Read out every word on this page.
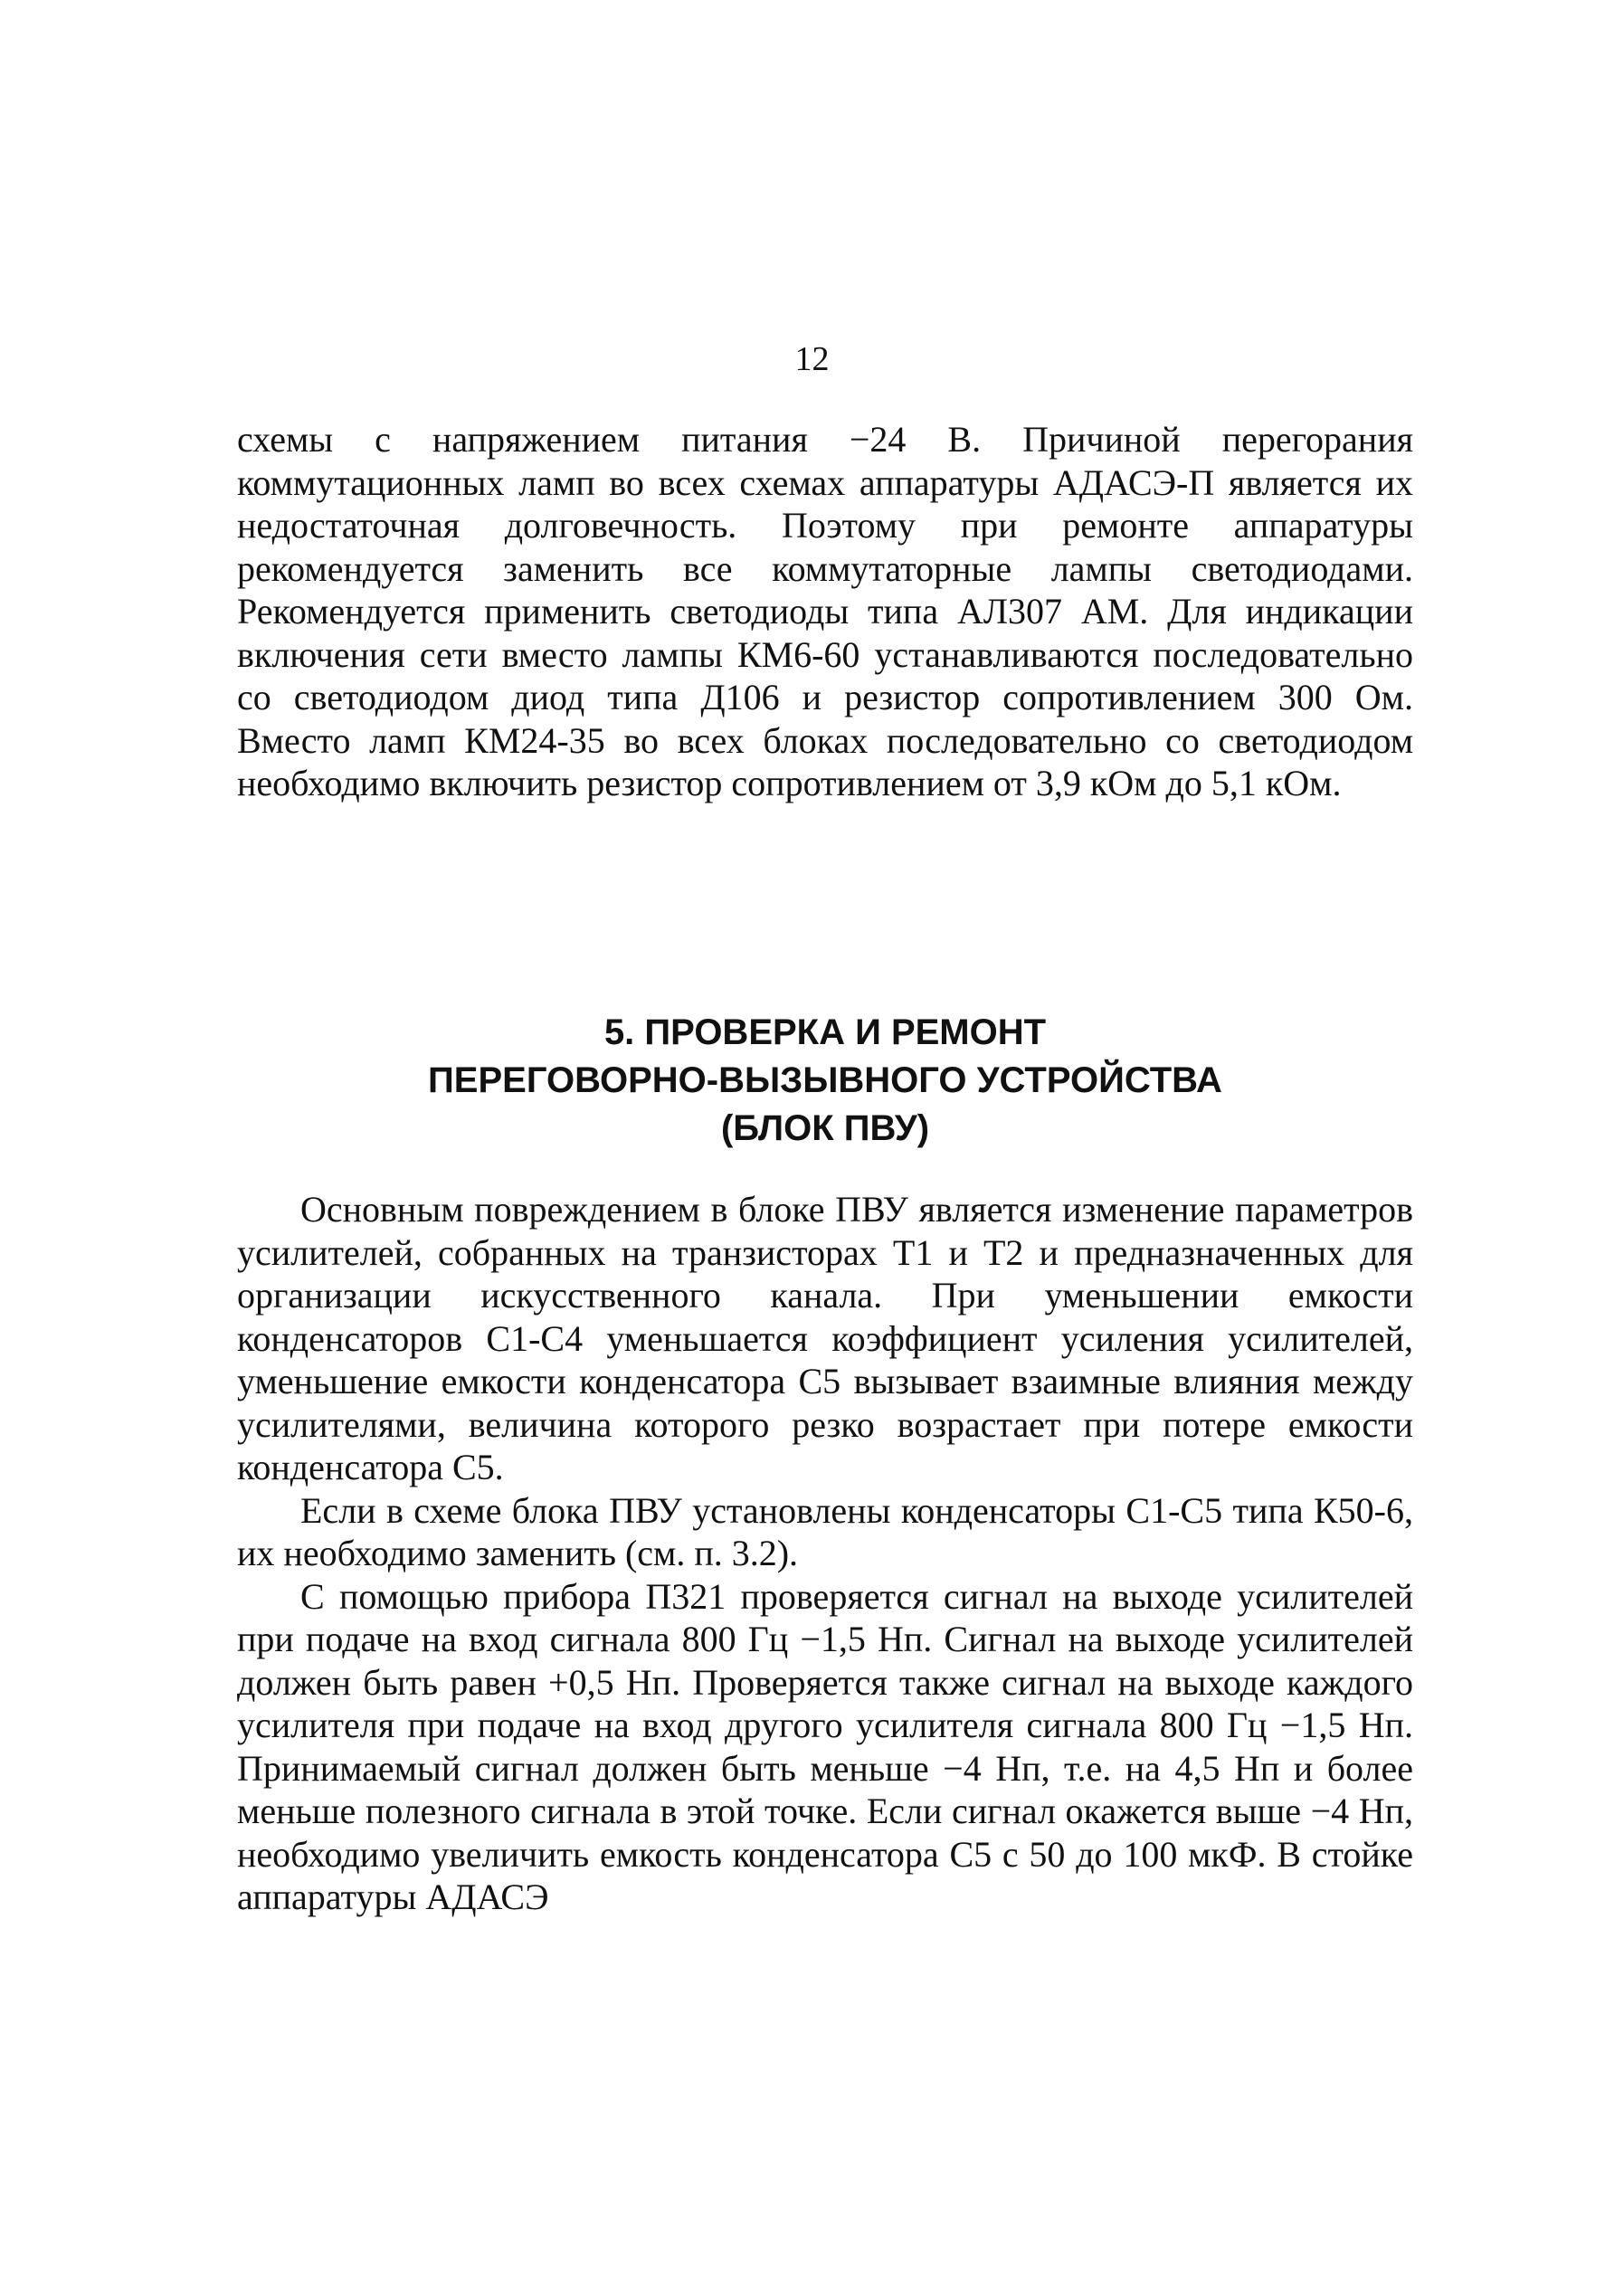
12

схемы с напряжением питания −24 В. Причиной перегорания коммутационных ламп во всех схемах аппаратуры АДАСЭ-П является их недостаточная долговечность. Поэтому при ремонте аппаратуры рекомендуется заменить все коммутаторные лампы светодиодами. Рекомендуется применить светодиоды типа АЛ307 АМ. Для индикации включения сети вместо лампы КМ6-60 устанавливаются последовательно со светодиодом диод типа Д106 и резистор сопротивлением 300 Ом. Вместо ламп КМ24-35 во всех блоках последовательно со светодиодом необходимо включить резистор сопротивлением от 3,9 кОм до 5,1 кОм.

5. ПРОВЕРКА И РЕМОНТ
ПЕРЕГОВОРНО-ВЫЗЫВНОГО УСТРОЙСТВА
(БЛОК ПВУ)

Основным повреждением в блоке ПВУ является изменение параметров усилителей, собранных на транзисторах Т1 и Т2 и предназначенных для организации искусственного канала. При уменьшении емкости конденсаторов С1-С4 уменьшается коэффициент усиления усилителей, уменьшение емкости конденсатора С5 вызывает взаимные влияния между усилителями, величина которого резко возрастает при потере емкости конденсатора С5.

Если в схеме блока ПВУ установлены конденсаторы С1-С5 типа К50-6, их необходимо заменить (см. п. 3.2).

С помощью прибора П321 проверяется сигнал на выходе усилителей при подаче на вход сигнала 800 Гц −1,5 Нп. Сигнал на выходе усилителей должен быть равен +0,5 Нп. Проверяется также сигнал на выходе каждого усилителя при подаче на вход другого усилителя сигнала 800 Гц −1,5 Нп. Принимаемый сигнал должен быть меньше −4 Нп, т.е. на 4,5 Нп и более меньше полезного сигнала в этой точке. Если сигнал окажется выше −4 Нп, необходимо увеличить емкость конденсатора С5 с 50 до 100 мкФ. В стойке аппаратуры АДАСЭ
